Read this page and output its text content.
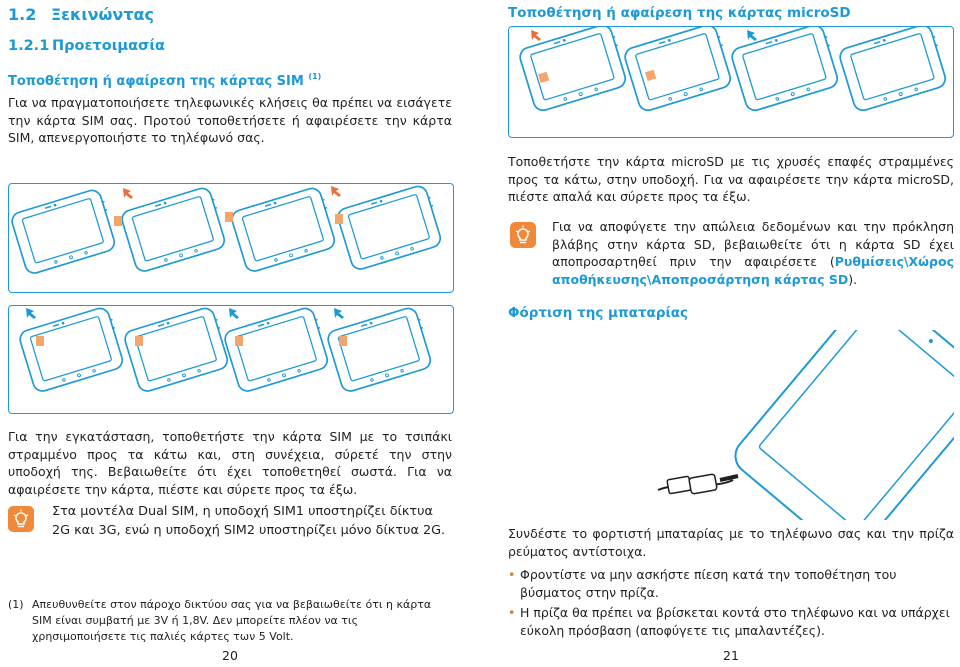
1.2 Ξεκινώντας
1.2.1 Προετοιμασία
Τοποθέτηση ή αφαίρεση της κάρτας SIM $^{(1)}$

Για να πραγματοποιήσετε τηλεφωνικές κλήσεις θα πρέπει να εισάγετε την κάρτα SIM σας. Προτού τοποθετήσετε ή αφαιρέσετε την κάρτα SIM, απενεργοποιήστε το τηλέφωνό σας.

Για την εγκατάσταση, τοποθετήστε την κάρτα SIM με το τσιπάκι στραμμένο προς τα κάτω και, στη συνέχεια, σύρετέ την στην υποδοχή της. Βεβαιωθείτε ότι έχει τοποθετηθεί σωστά. Για να αφαιρέσετε την κάρτα, πιέστε και σύρετε προς τα έξω.

Στα μοντέλα Dual SIM, η υποδοχή SIM1 υποστηρίζει δίκτυα 2G και 3G, ενώ η υποδοχή SIM2 υποστηρίζει μόνο δίκτυα 2G.

(1) Απευθυνθείτε στον πάροχο δικτύου σας για να βεβαιωθείτε ότι η κάρτα SIM είναι συμβατή με 3V ή 1,8V. Δεν μπορείτε πλέον να τις χρησιμοποιήσετε τις παλιές κάρτες των 5 Volt.

20
Τοποθέτηση ή αφαίρεση της κάρτας microSD

Τοποθετήστε την κάρτα microSD με τις χρυσές επαφές στραμμένες προς τα κάτω, στην υποδοχή. Για να αφαιρέσετε την κάρτα microSD, πιέστε απαλά και σύρετε προς τα έξω.

Για να αποφύγετε την απώλεια δεδομένων και την πρόκληση βλάβης στην κάρτα SD, βεβαιωθείτε ότι η κάρτα SD έχει αποπροσαρτηθεί πριν την αφαιρέσετε (Ρυθμίσεις\Χώρος αποθήκευσης\Αποπροσάρτηση κάρτας SD).

Φόρτιση της μπαταρίας

Συνδέστε το φορτιστή μπαταρίας με το τηλέφωνο σας και την πρίζα ρεύματος αντίστοιχα.

• Φροντίστε να μην ασκήστε πίεση κατά την τοποθέτηση του βύσματος στην πρίζα.
• Η πρίζα θα πρέπει να βρίσκεται κοντά στο τηλέφωνο και να υπάρχει εύκολη πρόσβαση (αποφύγετε τις μπαλαντέζες).
21
